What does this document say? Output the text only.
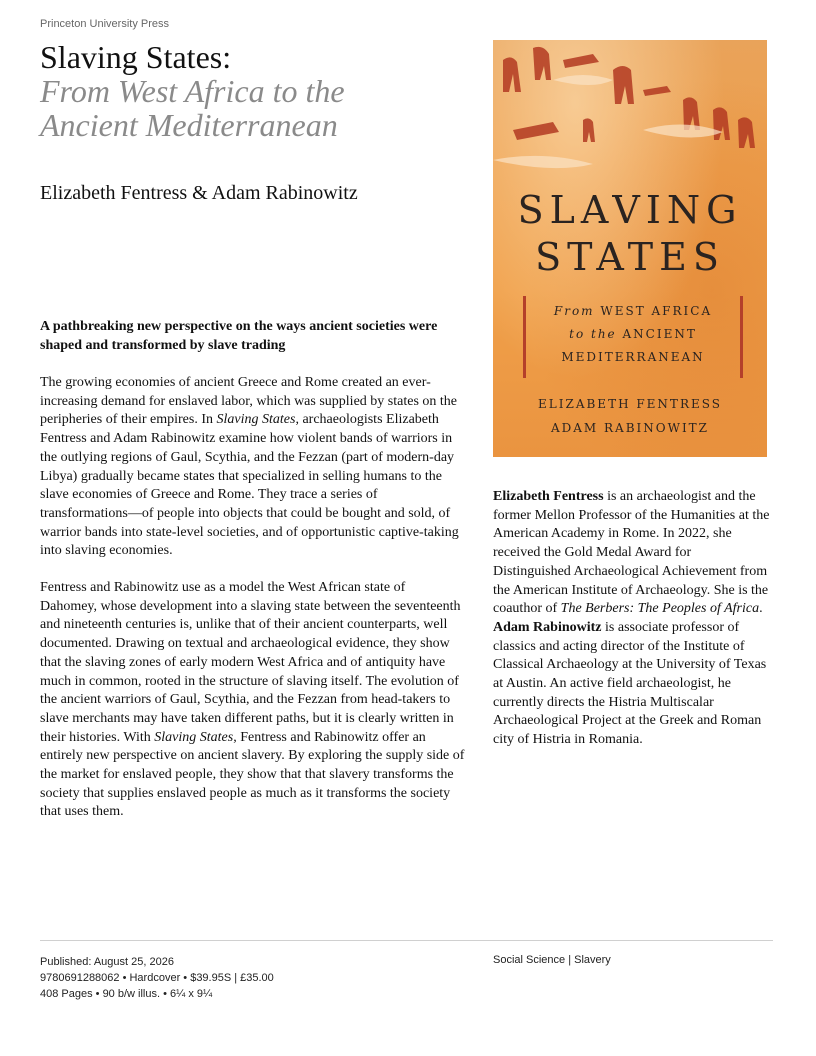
Princeton University Press
Slaving States:
From West Africa to the
Ancient Mediterranean
Elizabeth Fentress & Adam Rabinowitz
A pathbreaking new perspective on the ways ancient societies were shaped and transformed by slave trading

The growing economies of ancient Greece and Rome created an ever-increasing demand for enslaved labor, which was supplied by states on the peripheries of their empires. In Slaving States, archaeologists Elizabeth Fentress and Adam Rabinowitz examine how violent bands of warriors in the outlying regions of Gaul, Scythia, and the Fezzan (part of modern-day Libya) gradually became states that specialized in selling humans to the slave economies of Greece and Rome. They trace a series of transformations—of people into objects that could be bought and sold, of warrior bands into state-level societies, and of opportunistic captive-taking into slaving economies.

Fentress and Rabinowitz use as a model the West African state of Dahomey, whose development into a slaving state between the seventeenth and nineteenth centuries is, unlike that of their ancient counterparts, well documented. Drawing on textual and archaeological evidence, they show that the slaving zones of early modern West Africa and of antiquity have much in common, rooted in the structure of slaving itself. The evolution of the ancient warriors of Gaul, Scythia, and the Fezzan from head-takers to slave merchants may have taken different paths, but it is clearly written in their histories. With Slaving States, Fentress and Rabinowitz offer an entirely new perspective on ancient slavery. By exploring the supply side of the market for enslaved people, they show that that slavery transforms the society that supplies enslaved people as much as it transforms the society that uses them.

SLAVING
STATES
From WEST AFRICA
to the ANCIENT
MEDITERRANEAN
ELIZABETH FENTRESS
ADAM RABINOWITZ
Elizabeth Fentress is an archaeologist and the former Mellon Professor of the Humanities at the American Academy in Rome. In 2022, she received the Gold Medal Award for Distinguished Archaeological Achievement from the American Institute of Archaeology. She is the coauthor of The Berbers: The Peoples of Africa. Adam Rabinowitz is associate professor of classics and acting director of the Institute of Classical Archaeology at the University of Texas at Austin. An active field archaeologist, he currently directs the Histria Multiscalar Archaeological Project at the Greek and Roman city of Histria in Romania.
Published: August 25, 2026
9780691288062 • Hardcover • $39.95S | £35.00
408 Pages • 90 b/w illus. • 6¼ x 9¼
Social Science | Slavery
